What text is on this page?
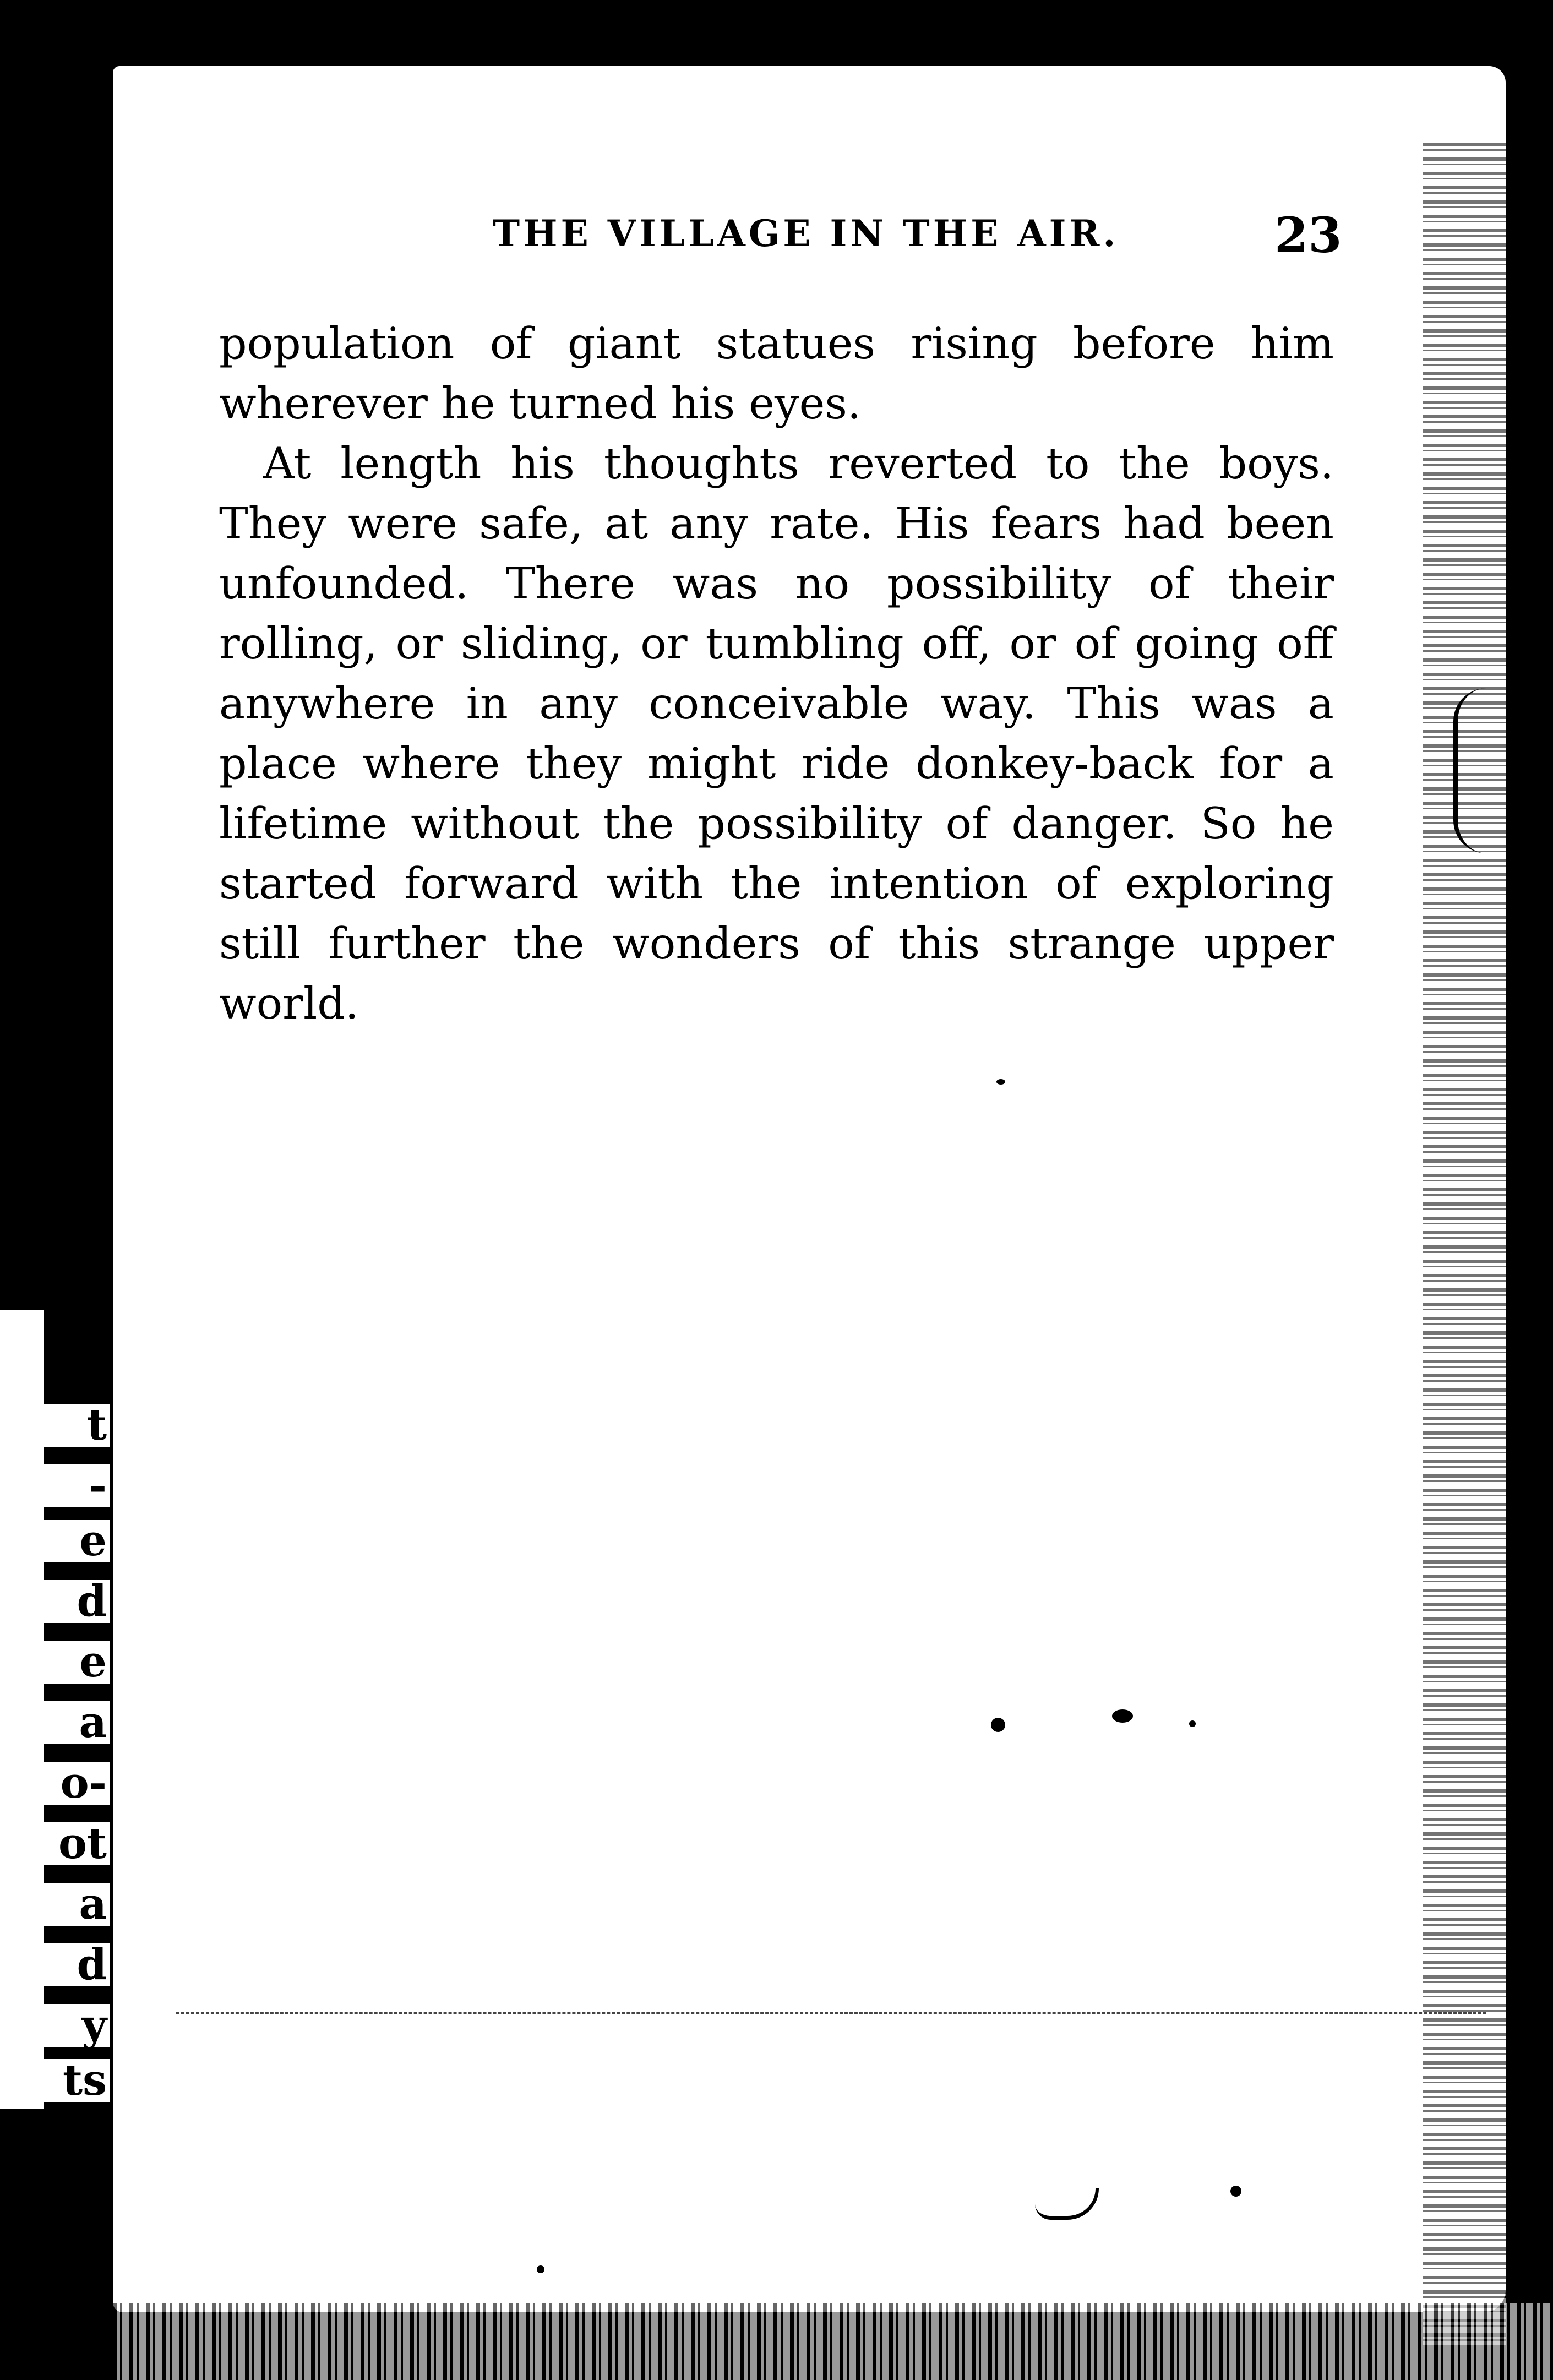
t
-
e
d
e
a
o-
ot
a
d
y
ts
THE VILLAGE IN THE AIR.	23

population of giant statues rising before him wherever he turned his eyes.

At length his thoughts reverted to the boys. They were safe, at any rate. His fears had been unfounded. There was no possibility of their rolling, or sliding, or tumbling off, or of going off anywhere in any conceivable way. This was a place where they might ride donkey-back for a lifetime without the possibility of danger. So he started forward with the intention of exploring still further the wonders of this strange upper world.
